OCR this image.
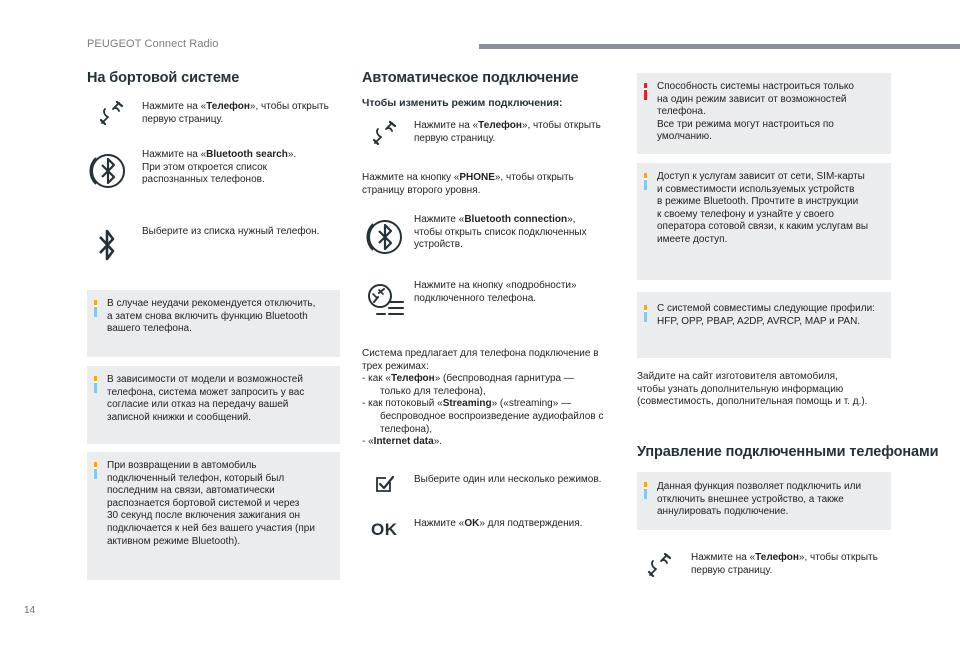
PEUGEOT Connect Radio
14
На бортовой системе
Нажмите на «Телефон», чтобы открыть
первую страницу.
Нажмите на «Bluetooth search».
При этом откроется список
распознанных телефонов.
Выберите из списка нужный телефон.
В случае неудачи рекомендуется отключить,
а затем снова включить функцию Bluetooth
вашего телефона.
В зависимости от модели и возможностей
телефона, система может запросить у вас
согласие или отказ на передачу вашей
записной книжки и сообщений.
При возвращении в автомобиль
подключенный телефон, который был
последним на связи, автоматически
распознается бортовой системой и через
30 секунд после включения зажигания он
подключается к ней без вашего участия (при
активном режиме Bluetooth).
Автоматическое подключение
Чтобы изменить режим подключения:
Нажмите на «Телефон», чтобы открыть
первую страницу.
Нажмите на кнопку «PHONE», чтобы открыть
страницу второго уровня.
Нажмите «Bluetooth connection»,
чтобы открыть список подключенных
устройств.
Нажмите на кнопку «подробности»
подключенного телефона.
Система предлагает для телефона подключение в
трех режимах:
- как «Телефон» (беспроводная гарнитура —
только для телефона),
- как потоковый «Streaming» («streaming» —
беспроводное воспроизведение аудиофайлов с
телефона),
- «Internet data».
Выберите один или несколько режимов.
OK Нажмите «OK» для подтверждения.
Способность системы настроиться только
на один режим зависит от возможностей
телефона.
Все три режима могут настроиться по
умолчанию.
Доступ к услугам зависит от сети, SIM-карты
и совместимости используемых устройств
в режиме Bluetooth. Прочтите в инструкции
к своему телефону и узнайте у своего
оператора сотовой связи, к каким услугам вы
имеете доступ.
С системой совместимы следующие профили:
HFP, OPP, PBAP, A2DP, AVRCP, MAP и PAN.
Зайдите на сайт изготовителя автомобиля,
чтобы узнать дополнительную информацию
(совместимость, дополнительная помощь и т. д.).
Управление подключенными телефонами
Данная функция позволяет подключить или
отключить внешнее устройство, а также
аннулировать подключение.
Нажмите на «Телефон», чтобы открыть
первую страницу.
